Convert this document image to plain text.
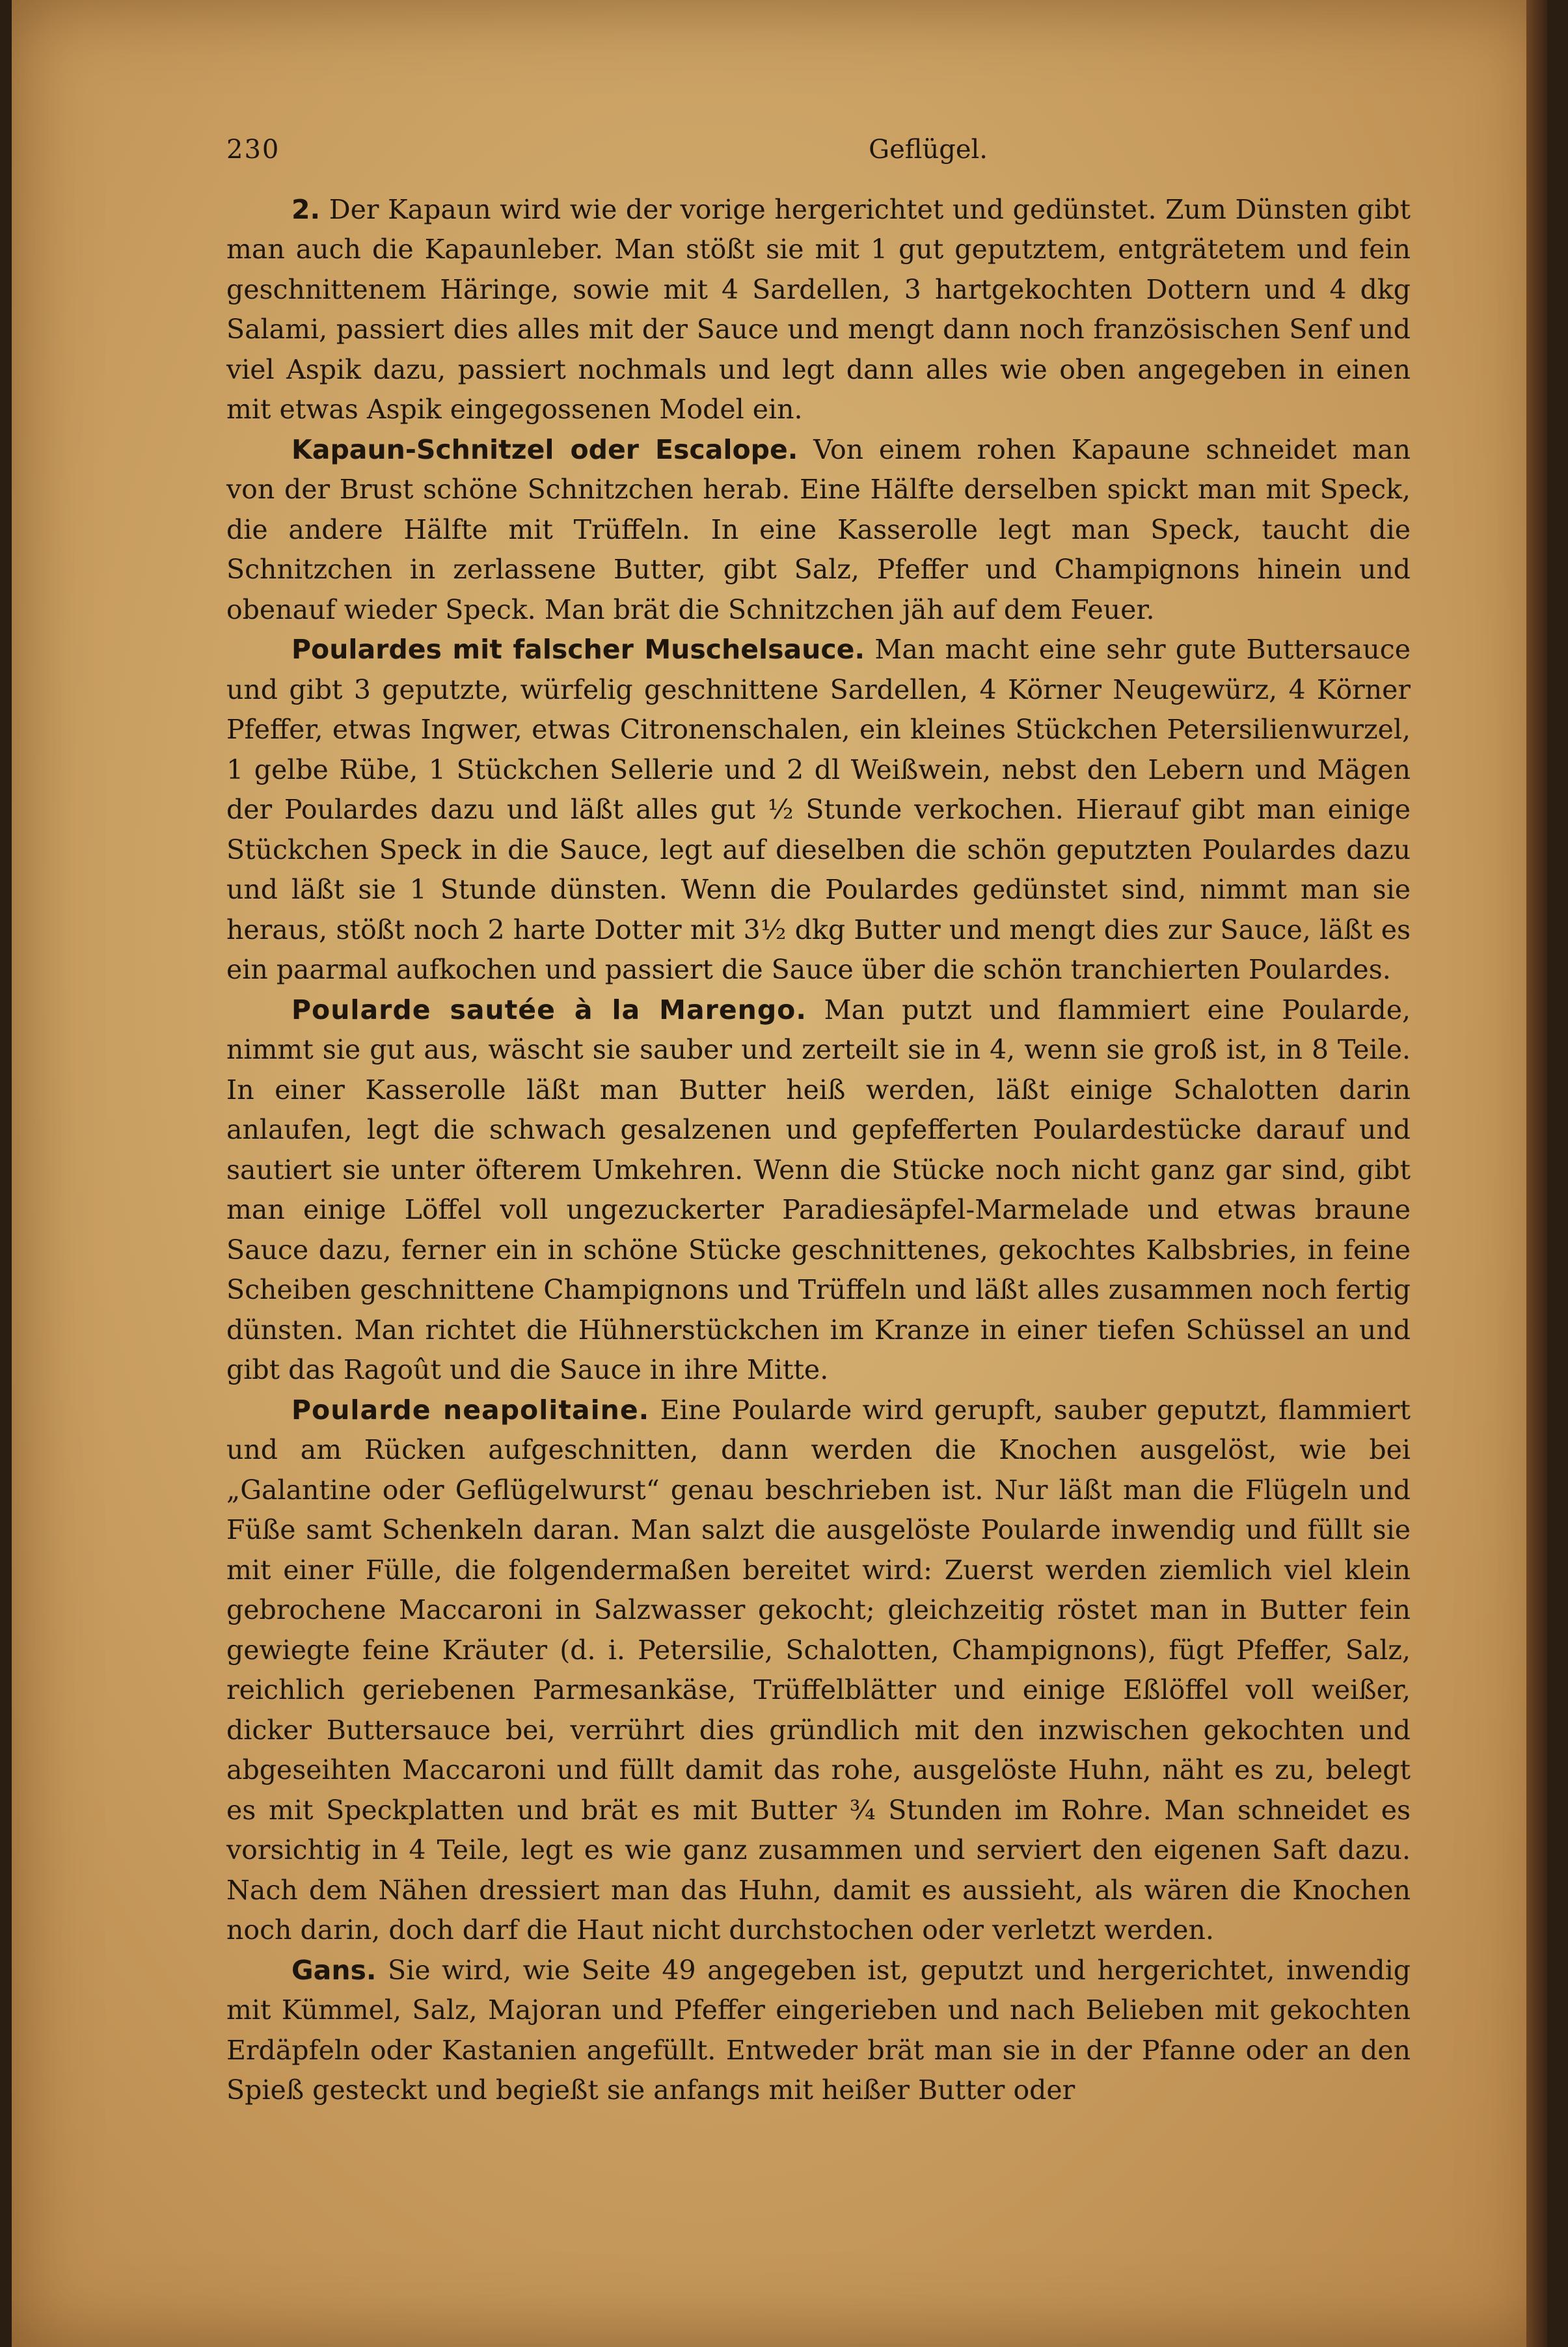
230	Geflügel.

2. Der Kapaun wird wie der vorige hergerichtet und gedünstet. Zum Dünsten gibt man auch die Kapaunleber. Man stößt sie mit 1 gut geputztem, entgrätetem und fein geschnittenem Häringe, sowie mit 4 Sardellen, 3 hartgekochten Dottern und 4 dkg Salami, passiert dies alles mit der Sauce und mengt dann noch französischen Senf und viel Aspik dazu, passiert nochmals und legt dann alles wie oben angegeben in einen mit etwas Aspik eingegossenen Model ein.

Kapaun-Schnitzel oder Escalope. Von einem rohen Kapaune schneidet man von der Brust schöne Schnitzchen herab. Eine Hälfte derselben spickt man mit Speck, die andere Hälfte mit Trüffeln. In eine Kasserolle legt man Speck, taucht die Schnitzchen in zerlassene Butter, gibt Salz, Pfeffer und Champignons hinein und obenauf wieder Speck. Man brät die Schnitzchen jäh auf dem Feuer.

Poulardes mit falscher Muschelsauce. Man macht eine sehr gute Buttersauce und gibt 3 geputzte, würfelig geschnittene Sardellen, 4 Körner Neugewürz, 4 Körner Pfeffer, etwas Ingwer, etwas Citronenschalen, ein kleines Stückchen Petersilienwurzel, 1 gelbe Rübe, 1 Stückchen Sellerie und 2 dl Weißwein, nebst den Lebern und Mägen der Poulardes dazu und läßt alles gut ½ Stunde verkochen. Hierauf gibt man einige Stückchen Speck in die Sauce, legt auf dieselben die schön geputzten Poulardes dazu und läßt sie 1 Stunde dünsten. Wenn die Poulardes gedünstet sind, nimmt man sie heraus, stößt noch 2 harte Dotter mit 3½ dkg Butter und mengt dies zur Sauce, läßt es ein paarmal aufkochen und passiert die Sauce über die schön tranchierten Poulardes.

Poularde sautée à la Marengo. Man putzt und flammiert eine Poularde, nimmt sie gut aus, wäscht sie sauber und zerteilt sie in 4, wenn sie groß ist, in 8 Teile. In einer Kasserolle läßt man Butter heiß werden, läßt einige Schalotten darin anlaufen, legt die schwach gesalzenen und gepfefferten Poulardestücke darauf und sautiert sie unter öfterem Umkehren. Wenn die Stücke noch nicht ganz gar sind, gibt man einige Löffel voll ungezuckerter Paradiesäpfel-Marmelade und etwas braune Sauce dazu, ferner ein in schöne Stücke geschnittenes, gekochtes Kalbsbries, in feine Scheiben geschnittene Champignons und Trüffeln und läßt alles zusammen noch fertig dünsten. Man richtet die Hühnerstückchen im Kranze in einer tiefen Schüssel an und gibt das Ragoût und die Sauce in ihre Mitte.

Poularde neapolitaine. Eine Poularde wird gerupft, sauber geputzt, flammiert und am Rücken aufgeschnitten, dann werden die Knochen ausgelöst, wie bei „Galantine oder Geflügelwurst“ genau beschrieben ist. Nur läßt man die Flügeln und Füße samt Schenkeln daran. Man salzt die ausgelöste Poularde inwendig und füllt sie mit einer Fülle, die folgendermaßen bereitet wird: Zuerst werden ziemlich viel klein gebrochene Maccaroni in Salzwasser gekocht; gleichzeitig röstet man in Butter fein gewiegte feine Kräuter (d. i. Petersilie, Schalotten, Champignons), fügt Pfeffer, Salz, reichlich geriebenen Parmesankäse, Trüffelblätter und einige Eßlöffel voll weißer, dicker Buttersauce bei, verrührt dies gründlich mit den inzwischen gekochten und abgeseihten Maccaroni und füllt damit das rohe, ausgelöste Huhn, näht es zu, belegt es mit Speckplatten und brät es mit Butter ¾ Stunden im Rohre. Man schneidet es vorsichtig in 4 Teile, legt es wie ganz zusammen und serviert den eigenen Saft dazu. Nach dem Nähen dressiert man das Huhn, damit es aussieht, als wären die Knochen noch darin, doch darf die Haut nicht durchstochen oder verletzt werden.

Gans. Sie wird, wie Seite 49 angegeben ist, geputzt und hergerichtet, inwendig mit Kümmel, Salz, Majoran und Pfeffer eingerieben und nach Belieben mit gekochten Erdäpfeln oder Kastanien angefüllt. Entweder brät man sie in der Pfanne oder an den Spieß gesteckt und begießt sie anfangs mit heißer Butter oder
